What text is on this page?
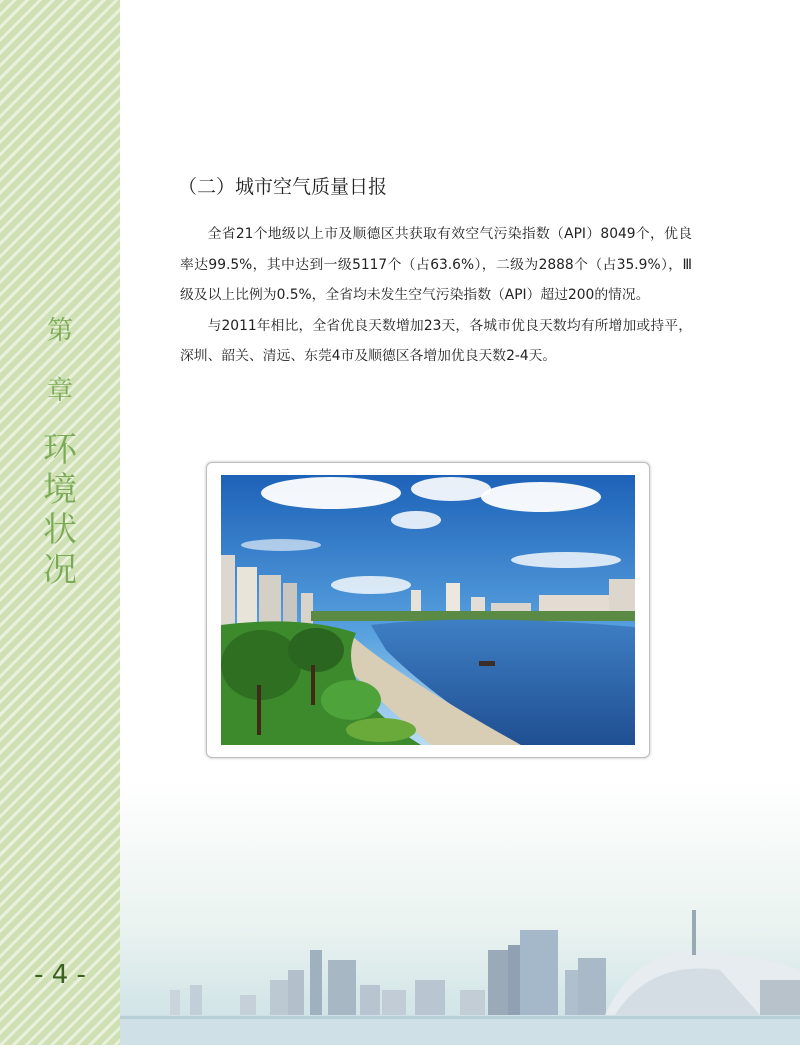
第
章
环
境
状
况
- 4 -
（二）城市空气质量日报

全省21个地级以上市及顺德区共获取有效空气污染指数（API）8049个，优良率达99.5%，其中达到一级5117个（占63.6%），二级为2888个（占35.9%），Ⅲ级及以上比例为0.5%，全省均未发生空气污染指数（API）超过200的情况。

与2011年相比，全省优良天数增加23天，各城市优良天数均有所增加或持平，深圳、韶关、清远、东莞4市及顺德区各增加优良天数2-4天。
